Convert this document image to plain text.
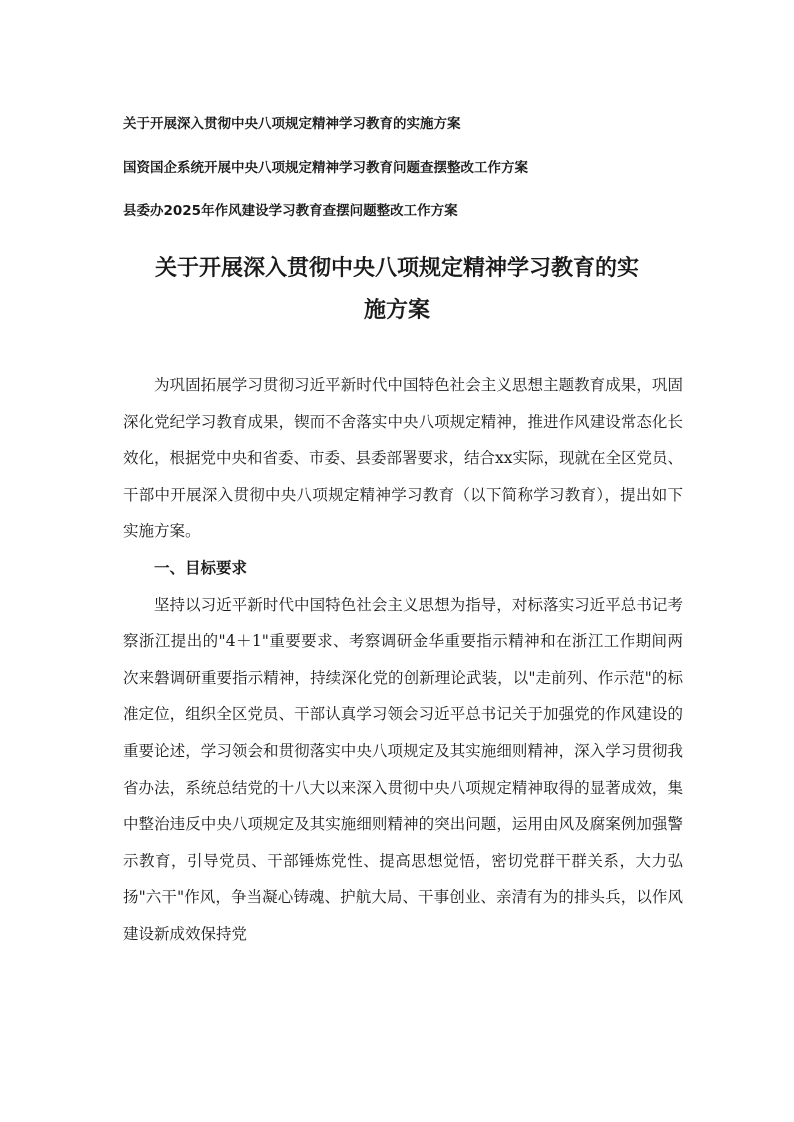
关于开展深入贯彻中央八项规定精神学习教育的实施方案
国资国企系统开展中央八项规定精神学习教育问题查摆整改工作方案
县委办2025年作风建设学习教育查摆问题整改工作方案
关于开展深入贯彻中央八项规定精神学习教育的实
施方案

为巩固拓展学习贯彻习近平新时代中国特色社会主义思想主题教育成果，巩固深化党纪学习教育成果，锲而不舍落实中央八项规定精神，推进作风建设常态化长效化，根据党中央和省委、市委、县委部署要求，结合xx实际，现就在全区党员、干部中开展深入贯彻中央八项规定精神学习教育（以下简称学习教育），提出如下实施方案。

一、目标要求

坚持以习近平新时代中国特色社会主义思想为指导，对标落实习近平总书记考察浙江提出的"4＋1"重要要求、考察调研金华重要指示精神和在浙江工作期间两次来磐调研重要指示精神，持续深化党的创新理论武装，以"走前列、作示范"的标准定位，组织全区党员、干部认真学习领会习近平总书记关于加强党的作风建设的重要论述，学习领会和贯彻落实中央八项规定及其实施细则精神，深入学习贯彻我省办法，系统总结党的十八大以来深入贯彻中央八项规定精神取得的显著成效，集中整治违反中央八项规定及其实施细则精神的突出问题，运用由风及腐案例加强警示教育，引导党员、干部锤炼党性、提高思想觉悟，密切党群干群关系，大力弘扬"六干"作风，争当凝心铸魂、护航大局、干事创业、亲清有为的排头兵，以作风建设新成效保持党
